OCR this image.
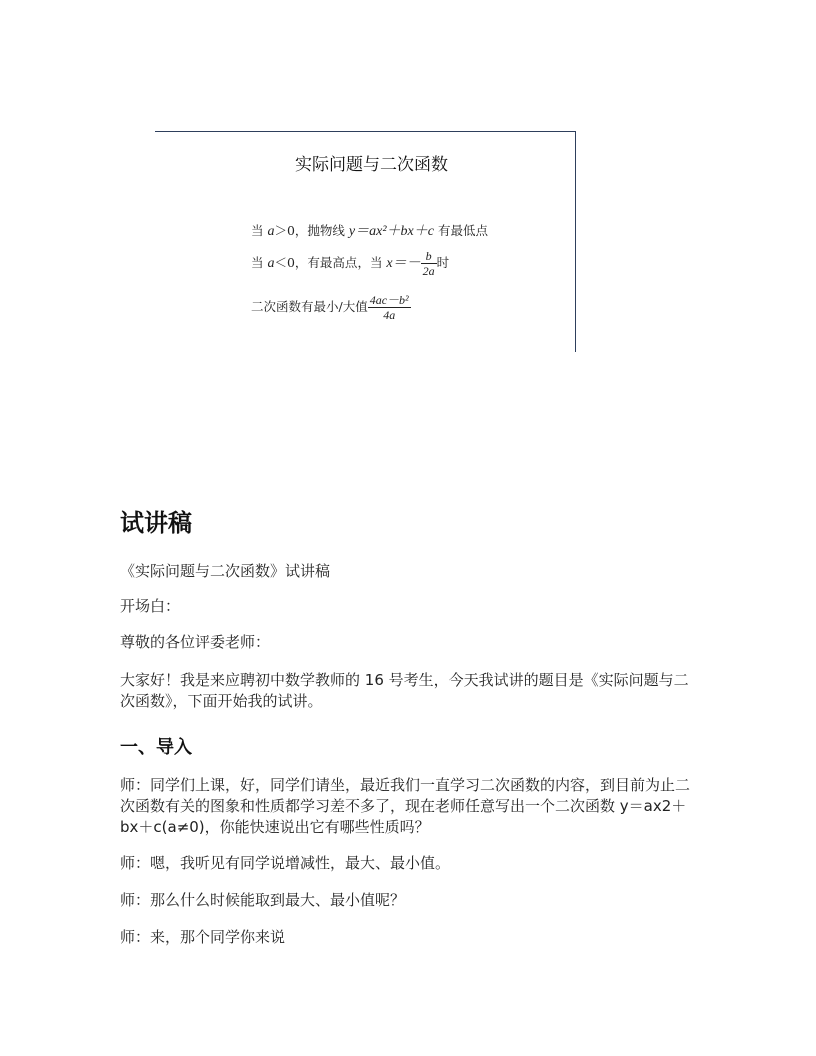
实际问题与二次函数
当 a＞0，抛物线 y＝ax²＋bx＋c 有最低点
当 a＜0，有最高点，当 $x=- \frac{b}{2a}$ 时
二次函数有最小/大值 $\frac{\text{4ac－b²}}{4a}$
试讲稿
《实际问题与二次函数》试讲稿
开场白：
尊敬的各位评委老师：
大家好！我是来应聘初中数学教师的 16 号考生，今天我试讲的题目是《实际问题与二次函数》，下面开始我的试讲。
一、导入
师：同学们上课，好，同学们请坐，最近我们一直学习二次函数的内容，到目前为止二次函数有关的图象和性质都学习差不多了，现在老师任意写出一个二次函数 y＝ax2＋bx＋c(a≠0)，你能快速说出它有哪些性质吗？
师：嗯，我听见有同学说增减性，最大、最小值。
师：那么什么时候能取到最大、最小值呢？
师：来，那个同学你来说
